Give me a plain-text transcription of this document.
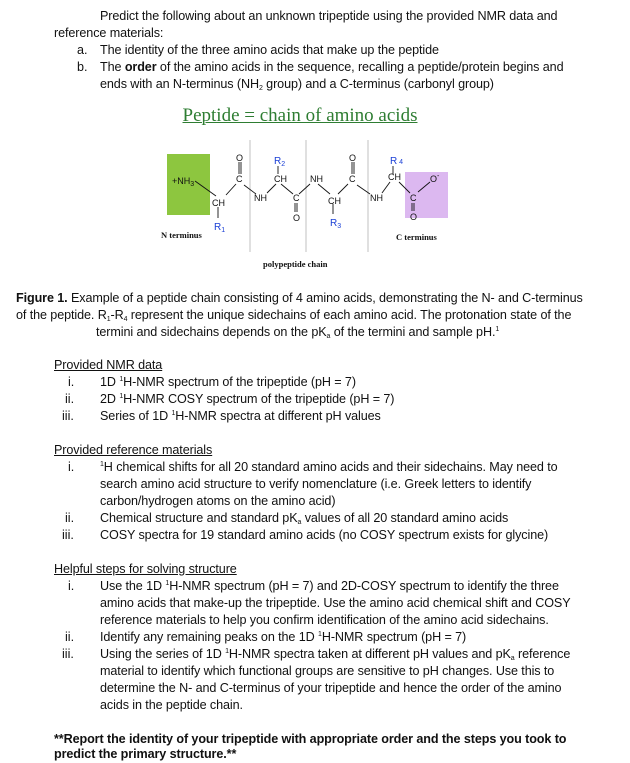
Predict the following about an unknown tripeptide using the provided NMR data and
reference materials:
a. The identity of the three amino acids that make up the peptide
b. The order of the amino acids in the sequence, recalling a peptide/protein begins and
ends with an N-terminus ($NH_2$ group) and a C-terminus (carbonyl group)
Peptide = chain of amino acids
$+NH_3$
CH
C
O
NH
CH
C
O
NH
CH
C
O
NH
CH
C
O
O-
$R_1$
$R_2$
$R_3$
R 4
N terminus	C terminus
polypeptide chain
Figure 1. Example of a peptide chain consisting of 4 amino acids, demonstrating the N- and C-terminus
of the peptide. $R_1-R_4$ represent the unique sidechains of each amino acid. The protonation state of the
termini and sidechains depends on the $pK_a$ of the termini and sample pH.$^1$
Provided NMR data
i. 1D $^1$H-NMR spectrum of the tripeptide (pH = 7)
ii. 2D $^1$H-NMR COSY spectrum of the tripeptide (pH = 7)
iii. Series of 1D $^1$H-NMR spectra at different pH values
Provided reference materials
i.	$^1$H chemical shifts for all 20 standard amino acids and their sidechains. May need to
search amino acid structure to verify nomenclature (i.e. Greek letters to identify
carbon/hydrogen atoms on the amino acid)
ii. Chemical structure and standard $pK_a$ values of all 20 standard amino acids
iii. COSY spectra for 19 standard amino acids (no COSY spectrum exists for glycine)
Helpful steps for solving structure
i. Use the 1D $^1$H-NMR spectrum (pH = 7) and 2D-COSY spectrum to identify the three
amino acids that make-up the tripeptide. Use the amino acid chemical shift and COSY
reference materials to help you confirm identification of the amino acid sidechains.
ii. Identify any remaining peaks on the 1D $^1$H-NMR spectrum (pH = 7)
iii. Using the series of 1D $^1$H-NMR spectra taken at different pH values and $pK_a$ reference
material to identify which functional groups are sensitive to pH changes. Use this to
determine the N- and C-terminus of your tripeptide and hence the order of the amino
acids in the peptide chain.
**Report the identity of your tripeptide with appropriate order and the steps you took to
predict the primary structure.**
